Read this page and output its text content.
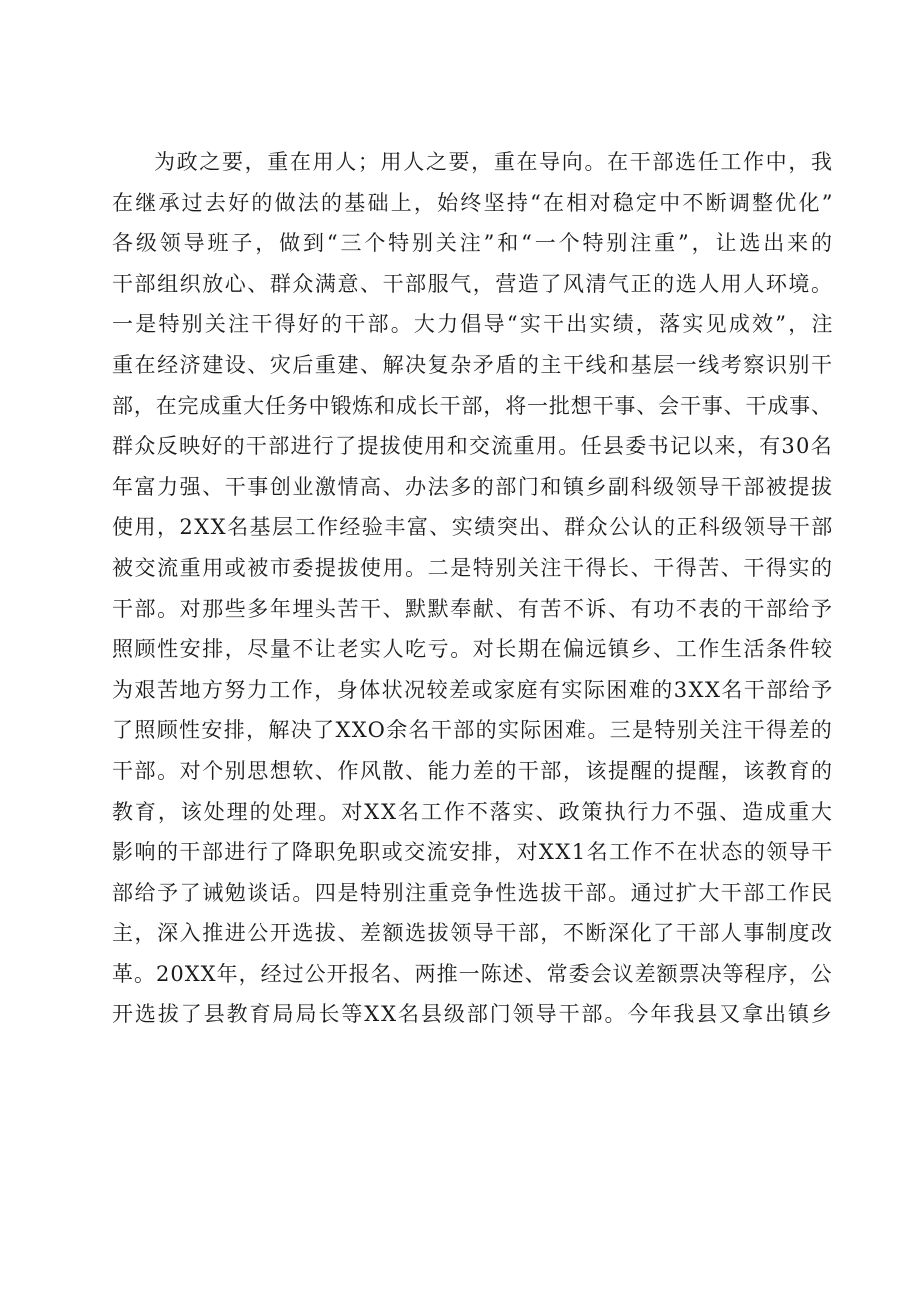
为政之要，重在用人；用人之要，重在导向。在干部选任工作中，我
在继承过去好的做法的基础上，始终坚持“在相对稳定中不断调整优化”
各级领导班子，做到“三个特别关注”和“一个特别注重”，让选出来的
干部组织放心、群众满意、干部服气，营造了风清气正的选人用人环境。
一是特别关注干得好的干部。大力倡导“实干出实绩，落实见成效”，注
重在经济建设、灾后重建、解决复杂矛盾的主干线和基层一线考察识别干
部，在完成重大任务中锻炼和成长干部，将一批想干事、会干事、干成事、
群众反映好的干部进行了提拔使用和交流重用。任县委书记以来，有30名
年富力强、干事创业激情高、办法多的部门和镇乡副科级领导干部被提拔
使用，2XX名基层工作经验丰富、实绩突出、群众公认的正科级领导干部
被交流重用或被市委提拔使用。二是特别关注干得长、干得苦、干得实的
干部。对那些多年埋头苦干、默默奉献、有苦不诉、有功不表的干部给予
照顾性安排，尽量不让老实人吃亏。对长期在偏远镇乡、工作生活条件较
为艰苦地方努力工作，身体状况较差或家庭有实际困难的3XX名干部给予
了照顾性安排，解决了XXO余名干部的实际困难。三是特别关注干得差的
干部。对个别思想软、作风散、能力差的干部，该提醒的提醒，该教育的
教育，该处理的处理。对XX名工作不落实、政策执行力不强、造成重大
影响的干部进行了降职免职或交流安排，对XX1名工作不在状态的领导干
部给予了诫勉谈话。四是特别注重竞争性选拔干部。通过扩大干部工作民
主，深入推进公开选拔、差额选拔领导干部，不断深化了干部人事制度改
革。20XX年，经过公开报名、两推一陈述、常委会议差额票决等程序，公
开选拔了县教育局局长等XX名县级部门领导干部。今年我县又拿出镇乡
